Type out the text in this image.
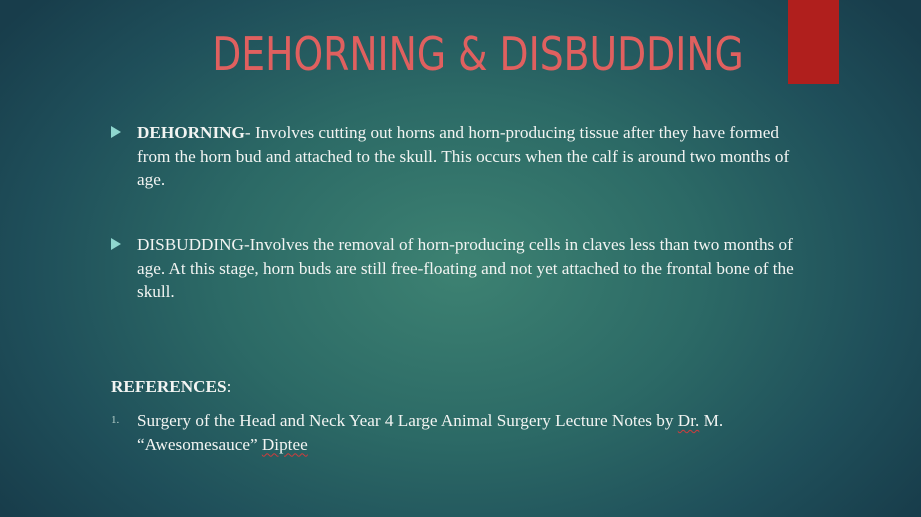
DEHORNING & DISBUDDING
DEHORNING- Involves cutting out horns and horn-producing tissue after they have formed from the horn bud and attached to the skull. This occurs when the calf is around two months of age.
DISBUDDING-Involves the removal of horn-producing cells in claves less than two months of age. At this stage, horn buds are still free-floating and not yet attached to the frontal bone of the skull.
REFERENCES:
1. Surgery of the Head and Neck Year 4 Large Animal Surgery Lecture Notes by Dr. M. “Awesomesauce” Diptee
